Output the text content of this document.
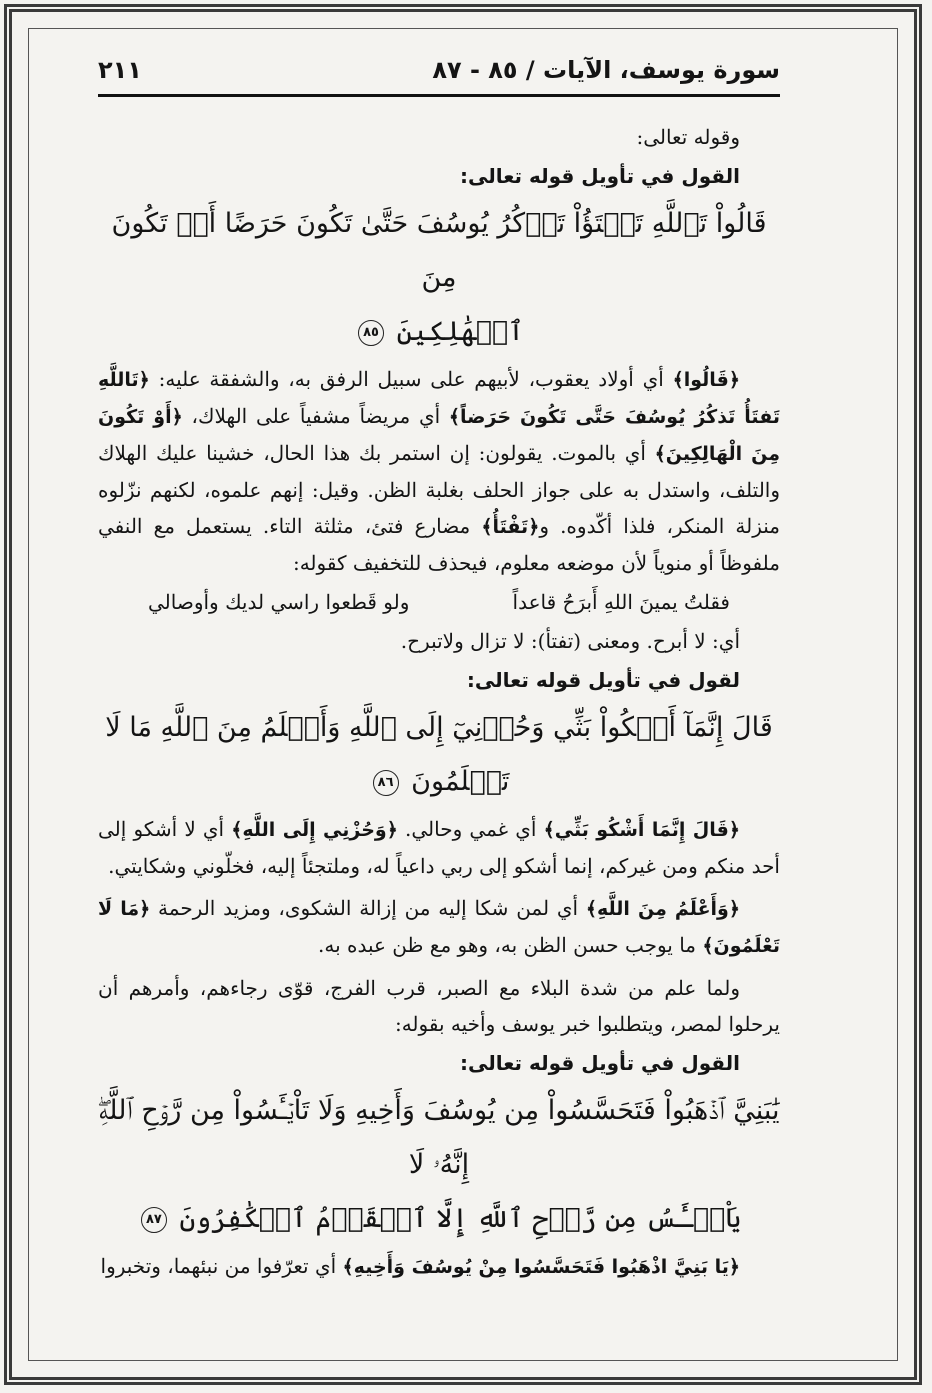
سورة يوسف، الآيات / ٨٥ - ٨٧
٢١١

وقوله تعالى:

القول في تأويل قوله تعالى:
قَالُواْ تَٱللَّهِ تَفۡتَؤُاْ تَذۡكُرُ يُوسُفَ حَتَّىٰ تَكُونَ حَرَضًا أَوۡ تَكُونَ مِنَ
ٱلۡهَٰلِكِينَ ٨٥

﴿قَالُوا﴾ أي أولاد يعقوب، لأبيهم على سبيل الرفق به، والشفقة عليه: ﴿تَاللَّهِ تَفتَأُ تَذكُرُ يُوسُفَ حَتَّى تَكُونَ حَرَضاً﴾ أي مريضاً مشفياً على الهلاك، ﴿أَوْ تَكُونَ مِنَ الْهَالِكِينَ﴾ أي بالموت. يقولون: إن استمر بك هذا الحال، خشينا عليك الهلاك والتلف، واستدل به على جواز الحلف بغلبة الظن. وقيل: إنهم علموه، لكنهم نزّلوه منزلة المنكر، فلذا أكّدوه. و﴿تَفْتَأُ﴾ مضارع فتئ، مثلثة التاء. يستعمل مع النفي ملفوظاً أو منوياً لأن موضعه معلوم، فيحذف للتخفيف كقوله:

فقلتُ يمينَ اللهِ أَبرَحُ قاعداً
ولو قَطعوا راسي لديك وأوصالي

أي: لا أبرح. ومعنى (تفتأ): لا تزال ولاتبرح.

لقول في تأويل قوله تعالى:
قَالَ إِنَّمَآ أَشۡكُواْ بَثِّي وَحُزۡنِيٓ إِلَى ٱللَّهِ وَأَعۡلَمُ مِنَ ٱللَّهِ مَا لَا تَعۡلَمُونَ ٨٦

﴿قَالَ إِنَّمَا أَشْكُو بَثِّي﴾ أي غمي وحالي. ﴿وَحُزْنِي إِلَى اللَّهِ﴾ أي لا أشكو إلى أحد منكم ومن غيركم، إنما أشكو إلى ربي داعياً له، وملتجئاً إليه، فخلّوني وشكايتي.

﴿وَأَعْلَمُ مِنَ اللَّهِ﴾ أي لمن شكا إليه من إزالة الشكوى، ومزيد الرحمة ﴿مَا لَا تَعْلَمُونَ﴾ ما يوجب حسن الظن به، وهو مع ظن عبده به.

ولما علم من شدة البلاء مع الصبر، قرب الفرج، قوّى رجاءهم، وأمرهم أن يرحلوا لمصر، ويتطلبوا خبر يوسف وأخيه بقوله:

القول في تأويل قوله تعالى:
يَٰبَنِيَّ ٱذۡهَبُواْ فَتَحَسَّسُواْ مِن يُوسُفَ وَأَخِيهِ وَلَا تَاْيۡـَٔسُواْ مِن رَّوۡحِ ٱللَّهِۖ إِنَّهُۥ لَا
يَاْيۡـَٔسُ مِن رَّوۡحِ ٱللَّهِ إِلَّا ٱلۡقَوۡمُ ٱلۡكَٰفِرُونَ ٨٧

﴿يَا بَنِيَّ اذْهَبُوا فَتَحَسَّسُوا مِنْ يُوسُفَ وَأَخِيهِ﴾ أي تعرّفوا من نبئهما، وتخبروا
